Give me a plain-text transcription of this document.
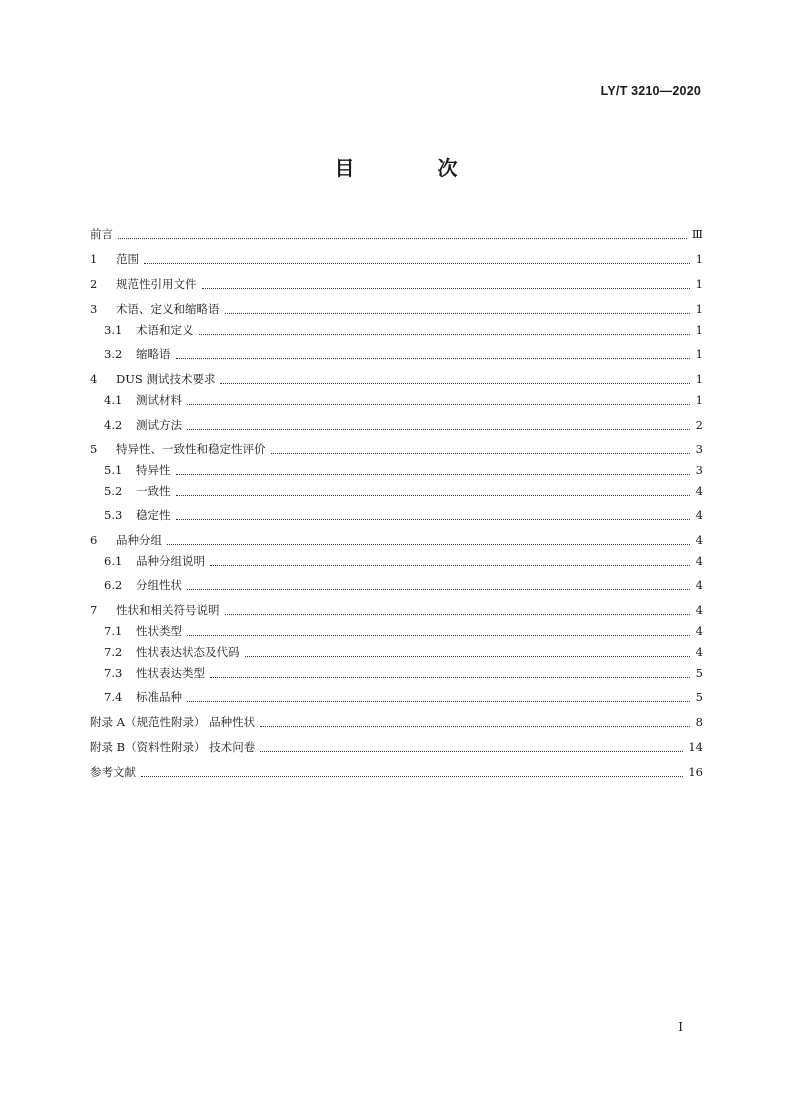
LY/T 3210—2020
目 次
前言	Ⅲ
1 范围	1
2 规范性引用文件	1
3 术语、定义和缩略语	1
3.1 术语和定义	1
3.2 缩略语	1
4 DUS 测试技术要求	1
4.1 测试材料	1
4.2 测试方法	2
5 特异性、一致性和稳定性评价	3
5.1 特异性	3
5.2 一致性	4
5.3 稳定性	4
6 品种分组	4
6.1 品种分组说明	4
6.2 分组性状	4
7 性状和相关符号说明	4
7.1 性状类型	4
7.2 性状表达状态及代码	4
7.3 性状表达类型	5
7.4 标准品种	5
附录 A（规范性附录） 品种性状	8
附录 B（资料性附录） 技术问卷	14
参考文献	16
I
